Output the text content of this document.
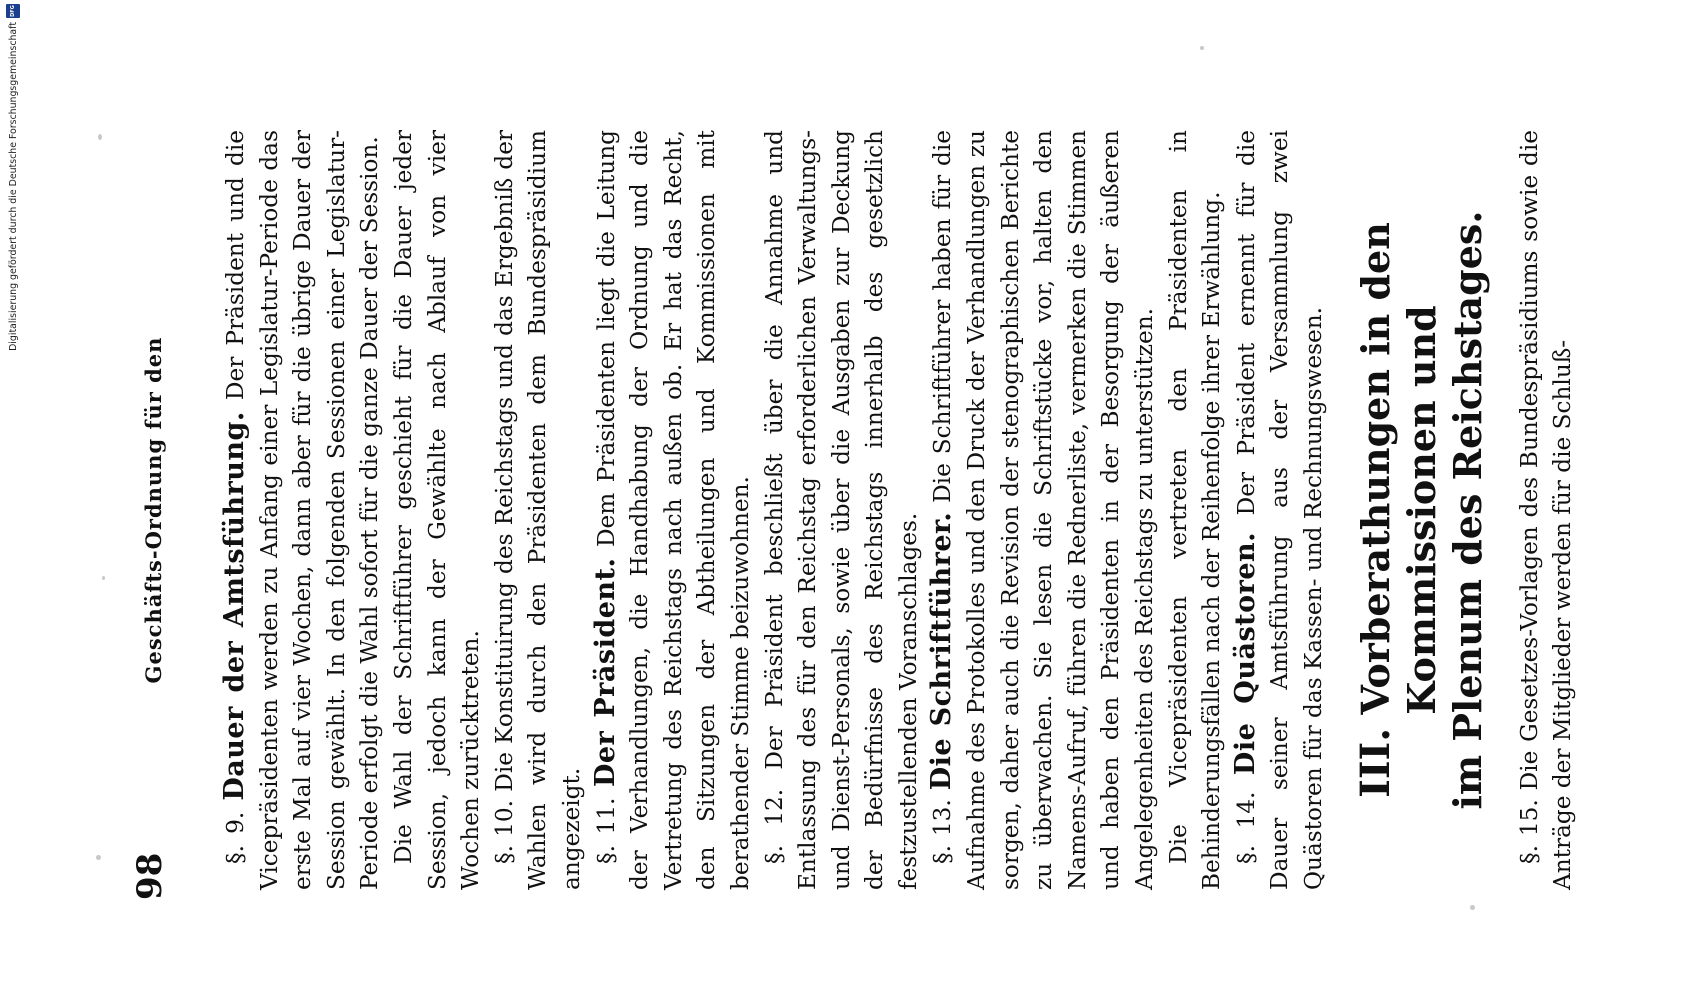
98
Geschäfts-Ordnung für den

§. 9. Dauer der Amtsführung. Der Präsident und die Vicepräsidenten werden zu Anfang einer Legislatur-Periode das erste Mal auf vier Wochen, dann aber für die übrige Dauer der Session gewählt. In den folgenden Sessionen einer Legislatur-Periode erfolgt die Wahl sofort für die ganze Dauer der Session. Die Wahl der Schriftführer geschieht für die Dauer jeder Session, jedoch kann der Gewählte nach Ablauf von vier Wochen zurücktreten. §. 10. Die Konstituirung des Reichstags und das Ergebniß der Wahlen wird durch den Präsidenten dem Bundespräsidium angezeigt. §. 11. Der Präsident. Dem Präsidenten liegt die Leitung der Verhandlungen, die Handhabung der Ordnung und die Vertretung des Reichstags nach außen ob. Er hat das Recht, den Sitzungen der Abtheilungen und Kommissionen mit berathender Stimme beizuwohnen. §. 12. Der Präsident beschließt über die Annahme und Entlassung des für den Reichstag erforderlichen Verwaltungs- und Dienst-Personals, sowie über die Ausgaben zur Deckung der Bedürfnisse des Reichstags innerhalb des gesetzlich festzustellenden Voranschlages. §. 13. Die Schriftführer. Die Schriftführer haben für die Aufnahme des Protokolles und den Druck der Verhandlungen zu sorgen, daher auch die Revision der stenographischen Berichte zu überwachen. Sie lesen die Schriftstücke vor, halten den Namens-Aufruf, führen die Rednerliste, vermerken die Stimmen und haben den Präsidenten in der Besorgung der äußeren Angelegenheiten des Reichstags zu unterstützen. Die Vicepräsidenten vertreten den Präsidenten in Behinderungsfällen nach der Reihenfolge ihrer Erwählung. §. 14. Die Quästoren. Der Präsident ernennt für die Dauer seiner Amtsführung aus der Versammlung zwei Quästoren für das Kassen- und Rechnungswesen. III. Vorberathungen in den Kommissionen und im Plenum des Reichstages.

§. 15. Die Gesetzes-Vorlagen des Bundespräsidiums sowie die Anträge der Mitglieder werden für die Schluß-

Digitalisierung gefördert durch die Deutsche Forschungsgemeinschaft
DFG
